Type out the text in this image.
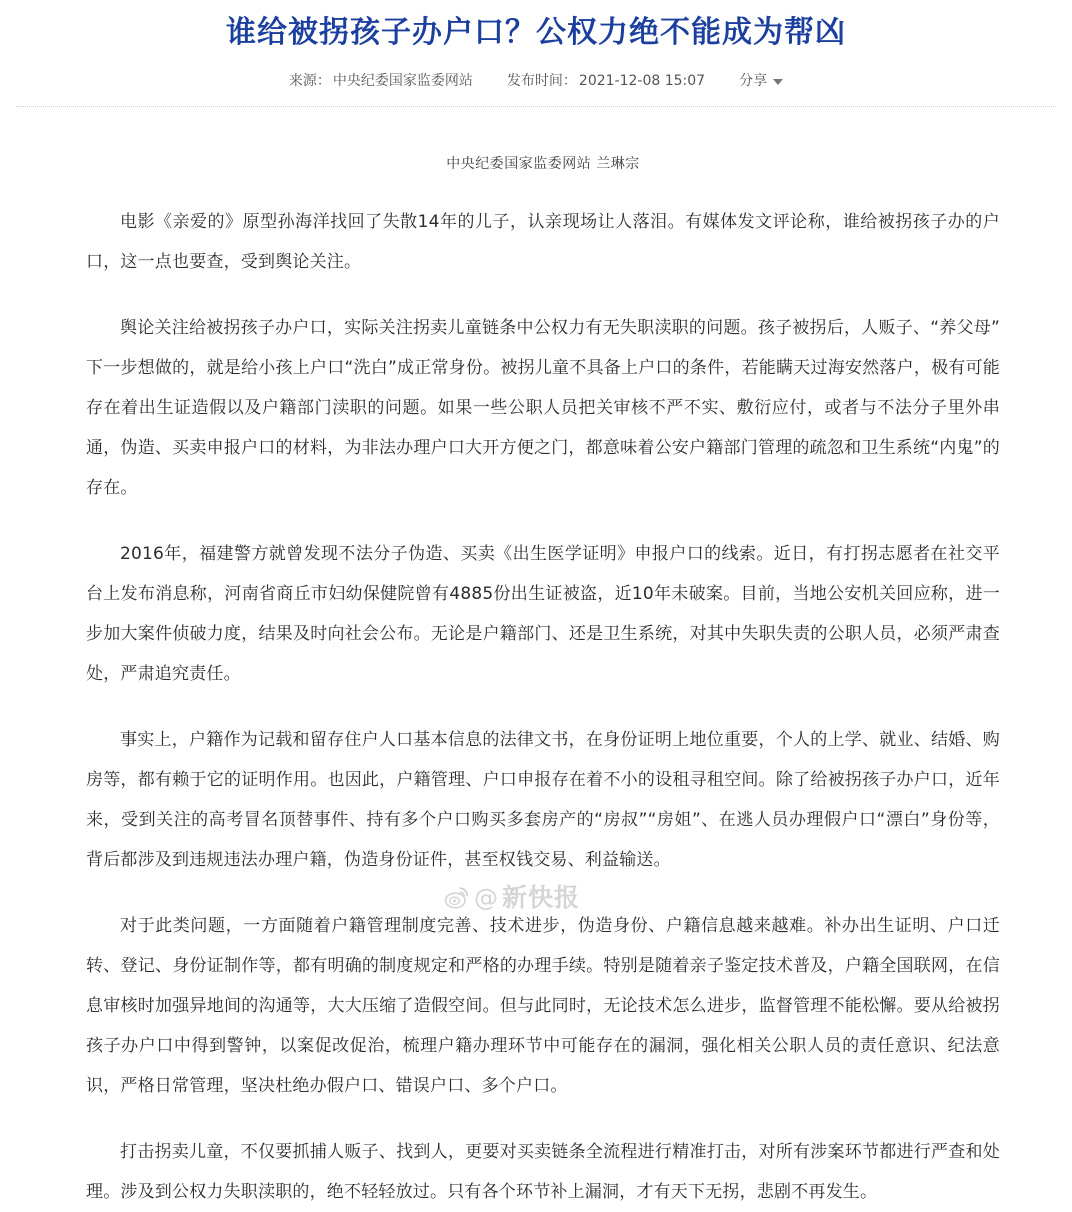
谁给被拐孩子办户口？公权力绝不能成为帮凶
来源： 中央纪委国家监委网站 发布时间： 2021-12-08 15:07 分享

中央纪委国家监委网站 兰琳宗

电影《亲爱的》原型孙海洋找回了失散14年的儿子，认亲现场让人落泪。有媒体发文评论称，谁给被拐孩子办的户口，这一点也要查，受到舆论关注。

舆论关注给被拐孩子办户口，实际关注拐卖儿童链条中公权力有无失职渎职的问题。孩子被拐后，人贩子、“养父母”下一步想做的，就是给小孩上户口“洗白”成正常身份。被拐儿童不具备上户口的条件，若能瞒天过海安然落户，极有可能存在着出生证造假以及户籍部门渎职的问题。如果一些公职人员把关审核不严不实、敷衍应付，或者与不法分子里外串通，伪造、买卖申报户口的材料，为非法办理户口大开方便之门，都意味着公安户籍部门管理的疏忽和卫生系统“内鬼”的存在。

2016年，福建警方就曾发现不法分子伪造、买卖《出生医学证明》申报户口的线索。近日，有打拐志愿者在社交平台上发布消息称，河南省商丘市妇幼保健院曾有4885份出生证被盗，近10年未破案。目前，当地公安机关回应称，进一步加大案件侦破力度，结果及时向社会公布。无论是户籍部门、还是卫生系统，对其中失职失责的公职人员，必须严肃查处，严肃追究责任。

事实上，户籍作为记载和留存住户人口基本信息的法律文书，在身份证明上地位重要，个人的上学、就业、结婚、购房等，都有赖于它的证明作用。也因此，户籍管理、户口申报存在着不小的设租寻租空间。除了给被拐孩子办户口，近年来，受到关注的高考冒名顶替事件、持有多个户口购买多套房产的“房叔”“房姐”、在逃人员办理假户口“漂白”身份等，背后都涉及到违规违法办理户籍，伪造身份证件，甚至权钱交易、利益输送。

对于此类问题，一方面随着户籍管理制度完善、技术进步，伪造身份、户籍信息越来越难。补办出生证明、户口迁转、登记、身份证制作等，都有明确的制度规定和严格的办理手续。特别是随着亲子鉴定技术普及，户籍全国联网，在信息审核时加强异地间的沟通等，大大压缩了造假空间。但与此同时，无论技术怎么进步，监督管理不能松懈。要从给被拐孩子办户口中得到警钟，以案促改促治，梳理户籍办理环节中可能存在的漏洞，强化相关公职人员的责任意识、纪法意识，严格日常管理，坚决杜绝办假户口、错误户口、多个户口。

打击拐卖儿童，不仅要抓捕人贩子、找到人，更要对买卖链条全流程进行精准打击，对所有涉案环节都进行严查和处理。涉及到公权力失职渎职的，绝不轻轻放过。只有各个环节补上漏洞，才有天下无拐，悲剧不再发生。

@ 新快报
